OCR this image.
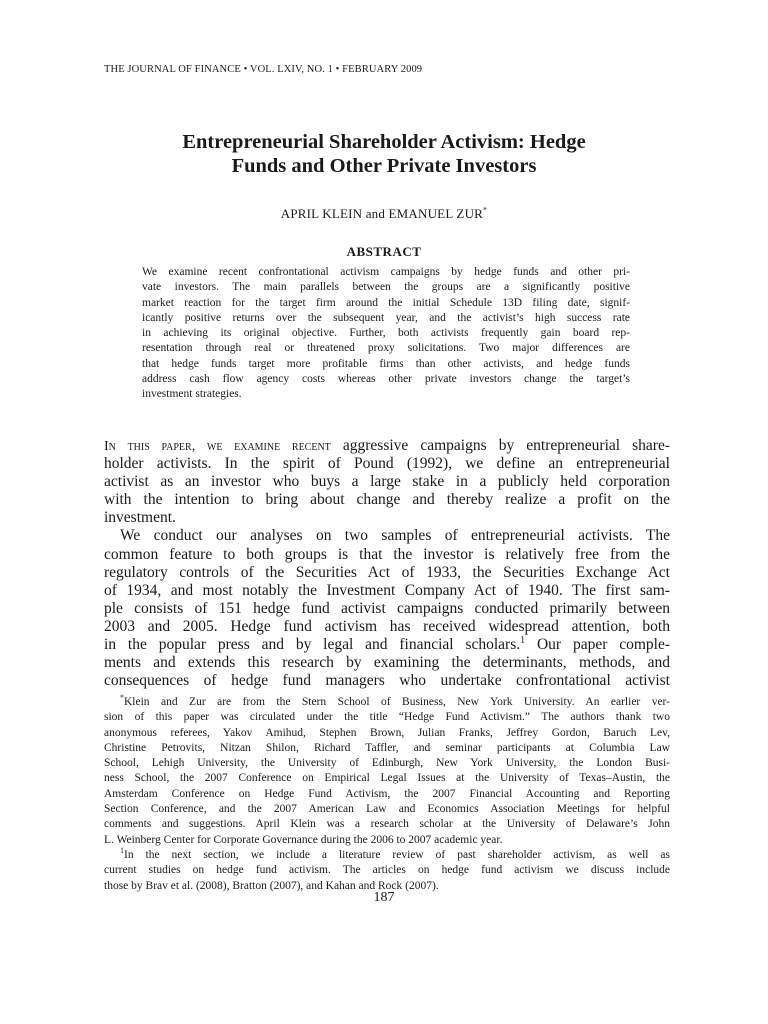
THE JOURNAL OF FINANCE • VOL. LXIV, NO. 1 • FEBRUARY 2009
Entrepreneurial Shareholder Activism: Hedge
Funds and Other Private Investors
APRIL KLEIN and EMANUEL ZUR*
ABSTRACT
We examine recent confrontational activism campaigns by hedge funds and other pri-
vate investors. The main parallels between the groups are a significantly positive
market reaction for the target firm around the initial Schedule 13D filing date, signif-
icantly positive returns over the subsequent year, and the activist’s high success rate
in achieving its original objective. Further, both activists frequently gain board rep-
resentation through real or threatened proxy solicitations. Two major differences are
that hedge funds target more profitable firms than other activists, and hedge funds
address cash flow agency costs whereas other private investors change the target’s
investment strategies.
In this paper, we examine recent aggressive campaigns by entrepreneurial share-
holder activists. In the spirit of Pound (1992), we define an entrepreneurial
activist as an investor who buys a large stake in a publicly held corporation
with the intention to bring about change and thereby realize a profit on the
investment.
We conduct our analyses on two samples of entrepreneurial activists. The
common feature to both groups is that the investor is relatively free from the
regulatory controls of the Securities Act of 1933, the Securities Exchange Act
of 1934, and most notably the Investment Company Act of 1940. The first sam-
ple consists of 151 hedge fund activist campaigns conducted primarily between
2003 and 2005. Hedge fund activism has received widespread attention, both
in the popular press and by legal and financial scholars.$^1$ Our paper comple-
ments and extends this research by examining the determinants, methods, and
consequences of hedge fund managers who undertake confrontational activist
*Klein and Zur are from the Stern School of Business, New York University. An earlier ver-
sion of this paper was circulated under the title “Hedge Fund Activism.” The authors thank two
anonymous referees, Yakov Amihud, Stephen Brown, Julian Franks, Jeffrey Gordon, Baruch Lev,
Christine Petrovits, Nitzan Shilon, Richard Taffler, and seminar participants at Columbia Law
School, Lehigh University, the University of Edinburgh, New York University, the London Busi-
ness School, the 2007 Conference on Empirical Legal Issues at the University of Texas–Austin, the
Amsterdam Conference on Hedge Fund Activism, the 2007 Financial Accounting and Reporting
Section Conference, and the 2007 American Law and Economics Association Meetings for helpful
comments and suggestions. April Klein was a research scholar at the University of Delaware’s John
L. Weinberg Center for Corporate Governance during the 2006 to 2007 academic year.
$^1$In the next section, we include a literature review of past shareholder activism, as well as
current studies on hedge fund activism. The articles on hedge fund activism we discuss include
those by Brav et al. (2008), Bratton (2007), and Kahan and Rock (2007).
187
